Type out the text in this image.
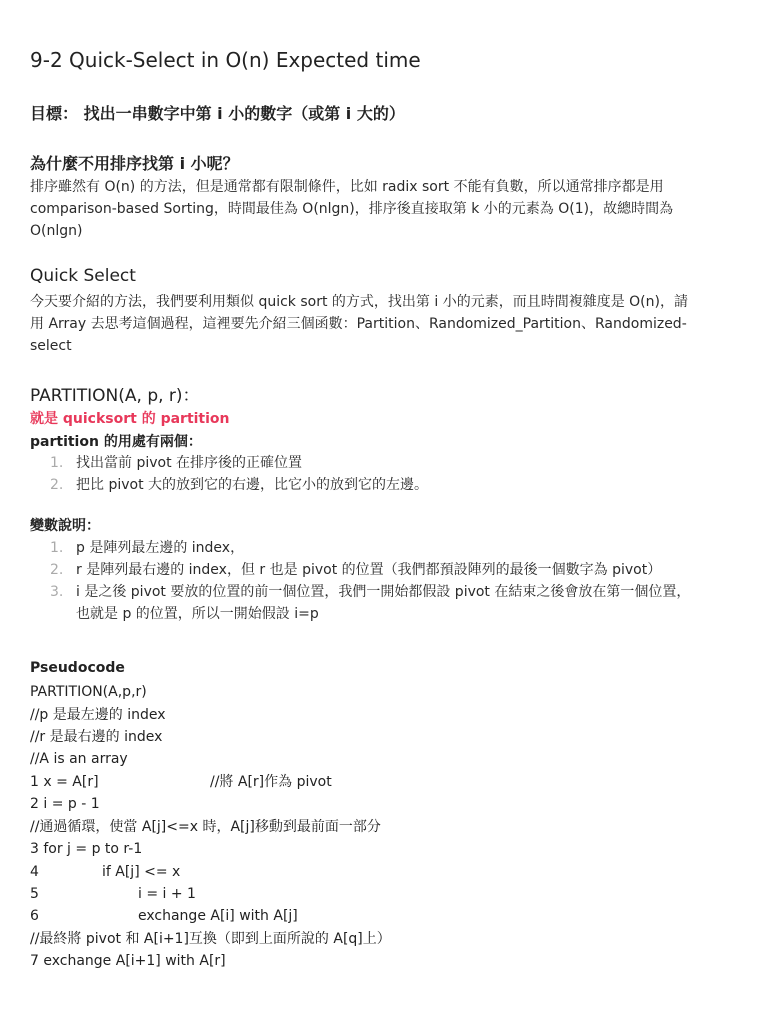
9-2 Quick-Select in O(n) Expected time
目標： 找出一串數字中第 i 小的數字（或第 i 大的）
為什麼不用排序找第 i 小呢？
排序雖然有 O(n) 的方法，但是通常都有限制條件，比如 radix sort 不能有負數，所以通常排序都是用
comparison-based Sorting，時間最佳為 O(nlgn)，排序後直接取第 k 小的元素為 O(1)，故總時間為
O(nlgn)
Quick Select
今天要介紹的方法，我們要利用類似 quick sort 的方式，找出第 i 小的元素，而且時間複雜度是 O(n)，請
用 Array 去思考這個過程，這裡要先介紹三個函數：Partition、Randomized_Partition、Randomized-
select
PARTITION(A, p, r)：
就是 quicksort 的 partition
partition 的用處有兩個：
1. 找出當前 pivot 在排序後的正確位置
2. 把比 pivot 大的放到它的右邊，比它小的放到它的左邊。
變數說明：
1. p 是陣列最左邊的 index，
2. r 是陣列最右邊的 index，但 r 也是 pivot 的位置（我們都預設陣列的最後一個數字為 pivot）
3. i 是之後 pivot 要放的位置的前一個位置，我們一開始都假設 pivot 在結束之後會放在第一個位置，
也就是 p 的位置，所以一開始假設 i=p
Pseudocode
PARTITION(A,p,r)
//p 是最左邊的 index
//r 是最右邊的 index
//A is an array
1 x = A[r]	//將 A[r]作為 pivot
2 i = p - 1
//通過循環，使當 A[j]<=x 時，A[j]移動到最前面一部分
3 for j = p to r-1
4	if A[j] <= x
5	i = i + 1
6	exchange A[i] with A[j]
//最終將 pivot 和 A[i+1]互換（即到上面所說的 A[q]上）
7 exchange A[i+1] with A[r]
